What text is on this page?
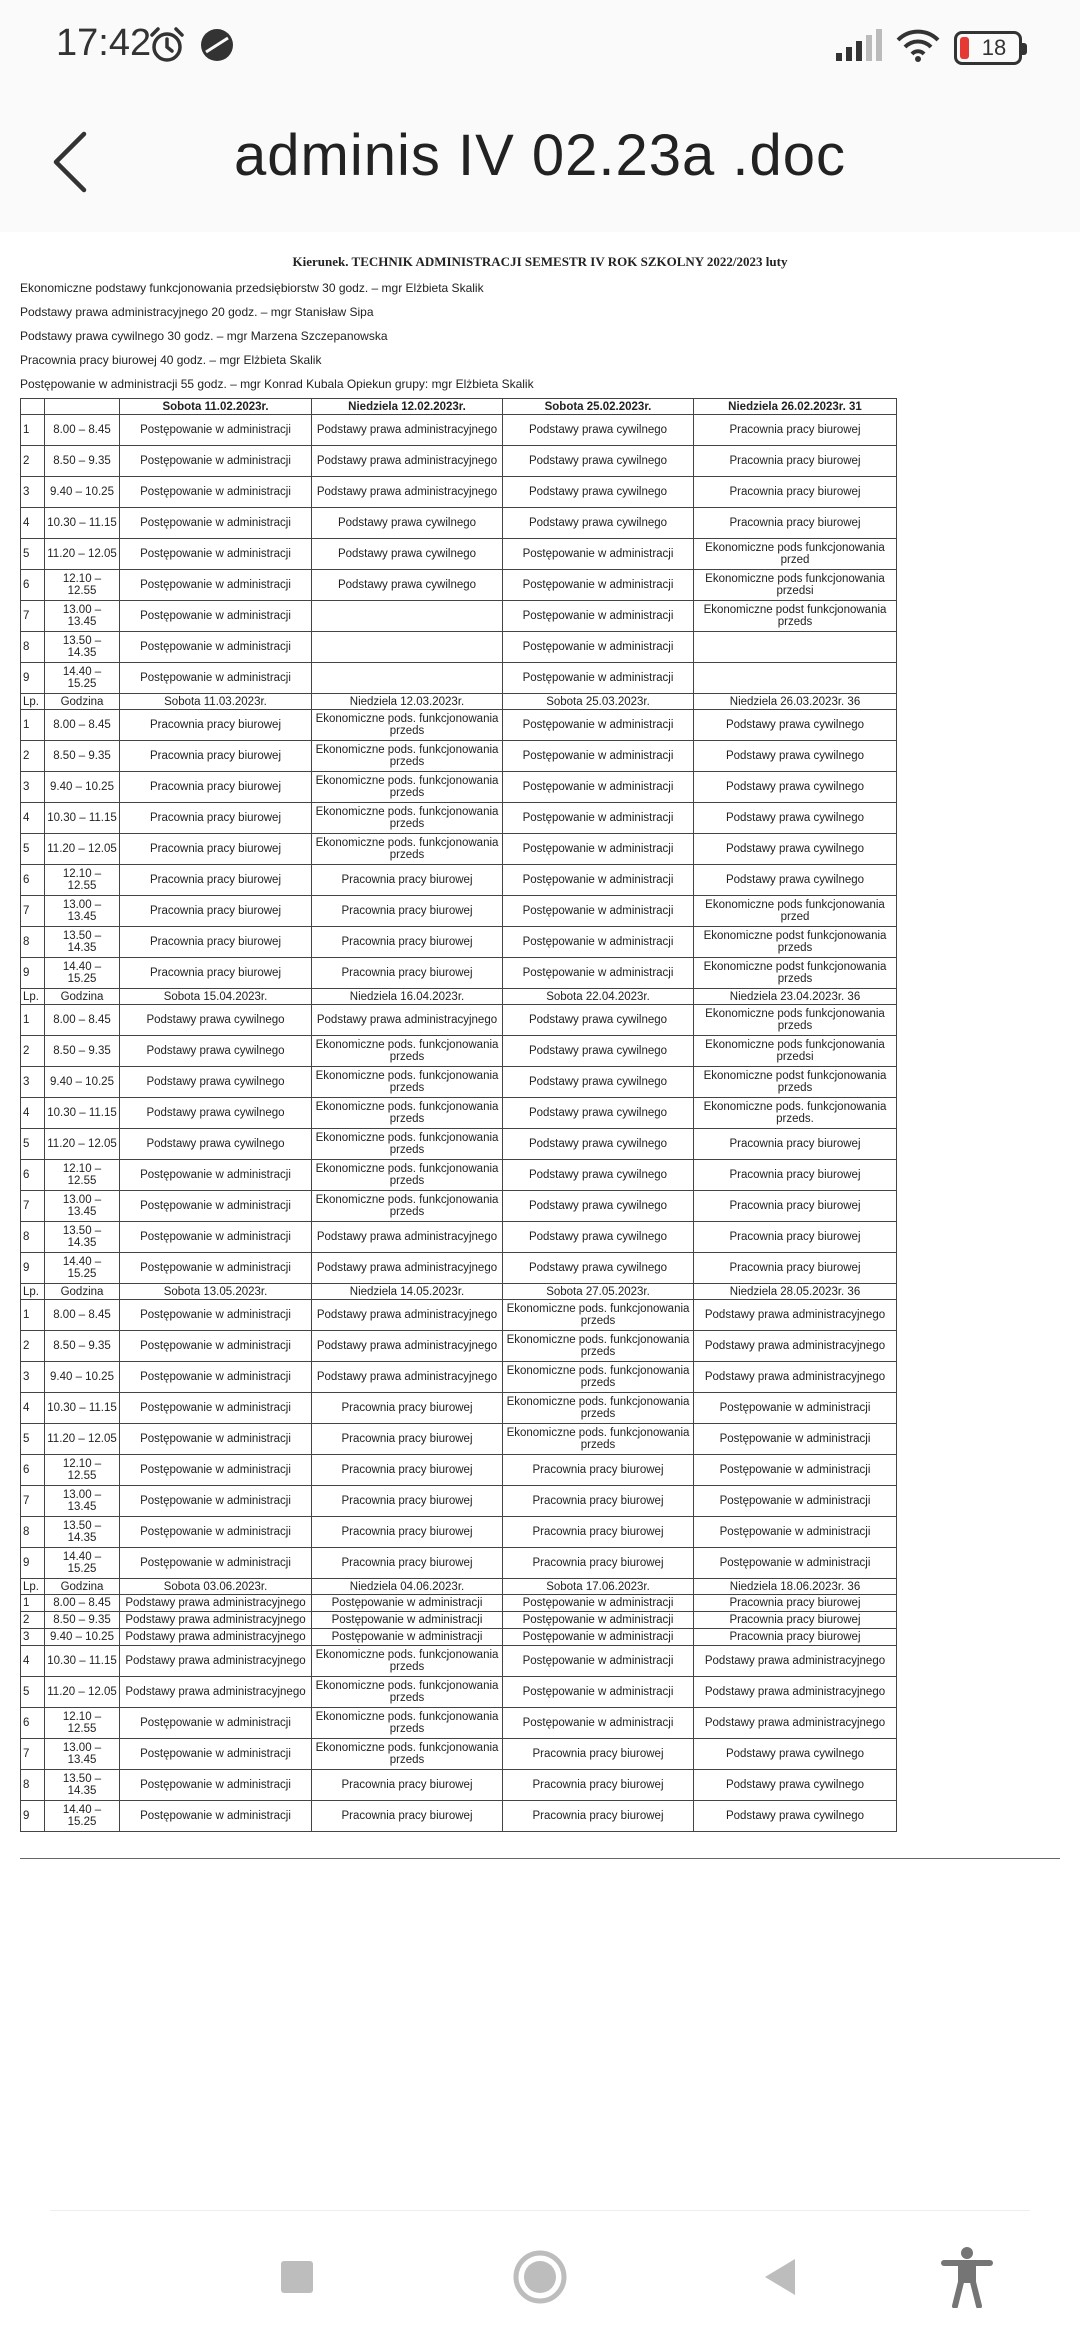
17:42	18
adminis IV 02.23a .doc
Kierunek. TECHNIK ADMINISTRACJI SEMESTR IV ROK SZKOLNY 2022/2023 luty
Ekonomiczne podstawy funkcjonowania przedsiębiorstw 30 godz. – mgr Elżbieta Skalik
Podstawy prawa administracyjnego 20 godz. – mgr Stanisław Sipa
Podstawy prawa cywilnego 30 godz. – mgr Marzena Szczepanowska
Pracownia pracy biurowej 40 godz. – mgr Elżbieta Skalik
Postępowanie w administracji 55 godz. – mgr Konrad Kubala Opiekun grupy: mgr Elżbieta Skalik
		Sobota 11.02.2023r.	Niedziela 12.02.2023r.	Sobota 25.02.2023r.	Niedziela 26.02.2023r. 31
1	8.00 – 8.45	Postępowanie w administracji	Podstawy prawa administracyjnego	Podstawy prawa cywilnego	Pracownia pracy biurowej
2	8.50 – 9.35	Postępowanie w administracji	Podstawy prawa administracyjnego	Podstawy prawa cywilnego	Pracownia pracy biurowej
3	9.40 – 10.25	Postępowanie w administracji	Podstawy prawa administracyjnego	Podstawy prawa cywilnego	Pracownia pracy biurowej
4	10.30 – 11.15	Postępowanie w administracji	Podstawy prawa cywilnego	Podstawy prawa cywilnego	Pracownia pracy biurowej
5	11.20 – 12.05	Postępowanie w administracji	Podstawy prawa cywilnego	Postępowanie w administracji	Ekonomiczne pods funkcjonowania przed
6	12.10 – 12.55	Postępowanie w administracji	Podstawy prawa cywilnego	Postępowanie w administracji	Ekonomiczne pods funkcjonowania przedsi
7	13.00 – 13.45	Postępowanie w administracji		Postępowanie w administracji	Ekonomiczne podst funkcjonowania przeds
8	13.50 – 14.35	Postępowanie w administracji		Postępowanie w administracji	
9	14.40 – 15.25	Postępowanie w administracji		Postępowanie w administracji	
Lp.	Godzina	Sobota 11.03.2023r.	Niedziela 12.03.2023r.	Sobota 25.03.2023r.	Niedziela 26.03.2023r. 36
1	8.00 – 8.45	Pracownia pracy biurowej	Ekonomiczne pods. funkcjonowania przeds	Postępowanie w administracji	Podstawy prawa cywilnego
2	8.50 – 9.35	Pracownia pracy biurowej	Ekonomiczne pods. funkcjonowania przeds	Postępowanie w administracji	Podstawy prawa cywilnego
3	9.40 – 10.25	Pracownia pracy biurowej	Ekonomiczne pods. funkcjonowania przeds	Postępowanie w administracji	Podstawy prawa cywilnego
4	10.30 – 11.15	Pracownia pracy biurowej	Ekonomiczne pods. funkcjonowania przeds	Postępowanie w administracji	Podstawy prawa cywilnego
5	11.20 – 12.05	Pracownia pracy biurowej	Ekonomiczne pods. funkcjonowania przeds	Postępowanie w administracji	Podstawy prawa cywilnego
6	12.10 – 12.55	Pracownia pracy biurowej	Pracownia pracy biurowej	Postępowanie w administracji	Podstawy prawa cywilnego
7	13.00 – 13.45	Pracownia pracy biurowej	Pracownia pracy biurowej	Postępowanie w administracji	Ekonomiczne pods funkcjonowania przed
8	13.50 – 14.35	Pracownia pracy biurowej	Pracownia pracy biurowej	Postępowanie w administracji	Ekonomiczne podst funkcjonowania przeds
9	14.40 – 15.25	Pracownia pracy biurowej	Pracownia pracy biurowej	Postępowanie w administracji	Ekonomiczne podst funkcjonowania przeds
Lp.	Godzina	Sobota 15.04.2023r.	Niedziela 16.04.2023r.	Sobota 22.04.2023r.	Niedziela 23.04.2023r. 36
1	8.00 – 8.45	Podstawy prawa cywilnego	Podstawy prawa administracyjnego	Podstawy prawa cywilnego	Ekonomiczne pods funkcjonowania przeds
2	8.50 – 9.35	Podstawy prawa cywilnego	Ekonomiczne pods. funkcjonowania przeds	Podstawy prawa cywilnego	Ekonomiczne pods funkcjonowania przedsi
3	9.40 – 10.25	Podstawy prawa cywilnego	Ekonomiczne pods. funkcjonowania przeds	Podstawy prawa cywilnego	Ekonomiczne podst funkcjonowania przeds
4	10.30 – 11.15	Podstawy prawa cywilnego	Ekonomiczne pods. funkcjonowania przeds	Podstawy prawa cywilnego	Ekonomiczne pods. funkcjonowania przeds.
5	11.20 – 12.05	Podstawy prawa cywilnego	Ekonomiczne pods. funkcjonowania przeds	Podstawy prawa cywilnego	Pracownia pracy biurowej
6	12.10 – 12.55	Postępowanie w administracji	Ekonomiczne pods. funkcjonowania przeds	Podstawy prawa cywilnego	Pracownia pracy biurowej
7	13.00 – 13.45	Postępowanie w administracji	Ekonomiczne pods. funkcjonowania przeds	Podstawy prawa cywilnego	Pracownia pracy biurowej
8	13.50 – 14.35	Postępowanie w administracji	Podstawy prawa administracyjnego	Podstawy prawa cywilnego	Pracownia pracy biurowej
9	14.40 – 15.25	Postępowanie w administracji	Podstawy prawa administracyjnego	Podstawy prawa cywilnego	Pracownia pracy biurowej
Lp.	Godzina	Sobota 13.05.2023r.	Niedziela 14.05.2023r.	Sobota 27.05.2023r.	Niedziela 28.05.2023r. 36
1	8.00 – 8.45	Postępowanie w administracji	Podstawy prawa administracyjnego	Ekonomiczne pods. funkcjonowania przeds	Podstawy prawa administracyjnego
2	8.50 – 9.35	Postępowanie w administracji	Podstawy prawa administracyjnego	Ekonomiczne pods. funkcjonowania przeds	Podstawy prawa administracyjnego
3	9.40 – 10.25	Postępowanie w administracji	Podstawy prawa administracyjnego	Ekonomiczne pods. funkcjonowania przeds	Podstawy prawa administracyjnego
4	10.30 – 11.15	Postępowanie w administracji	Pracownia pracy biurowej	Ekonomiczne pods. funkcjonowania przeds	Postępowanie w administracji
5	11.20 – 12.05	Postępowanie w administracji	Pracownia pracy biurowej	Ekonomiczne pods. funkcjonowania przeds	Postępowanie w administracji
6	12.10 – 12.55	Postępowanie w administracji	Pracownia pracy biurowej	Pracownia pracy biurowej	Postępowanie w administracji
7	13.00 – 13.45	Postępowanie w administracji	Pracownia pracy biurowej	Pracownia pracy biurowej	Postępowanie w administracji
8	13.50 – 14.35	Postępowanie w administracji	Pracownia pracy biurowej	Pracownia pracy biurowej	Postępowanie w administracji
9	14.40 – 15.25	Postępowanie w administracji	Pracownia pracy biurowej	Pracownia pracy biurowej	Postępowanie w administracji
Lp.	Godzina	Sobota 03.06.2023r.	Niedziela 04.06.2023r.	Sobota 17.06.2023r.	Niedziela 18.06.2023r. 36
1	8.00 – 8.45	Podstawy prawa administracyjnego	Postępowanie w administracji	Postępowanie w administracji	Pracownia pracy biurowej
2	8.50 – 9.35	Podstawy prawa administracyjnego	Postępowanie w administracji	Postępowanie w administracji	Pracownia pracy biurowej
3	9.40 – 10.25	Podstawy prawa administracyjnego	Postępowanie w administracji	Postępowanie w administracji	Pracownia pracy biurowej
4	10.30 – 11.15	Podstawy prawa administracyjnego	Ekonomiczne pods. funkcjonowania przeds	Postępowanie w administracji	Podstawy prawa administracyjnego
5	11.20 – 12.05	Podstawy prawa administracyjnego	Ekonomiczne pods. funkcjonowania przeds	Postępowanie w administracji	Podstawy prawa administracyjnego
6	12.10 – 12.55	Postępowanie w administracji	Ekonomiczne pods. funkcjonowania przeds	Postępowanie w administracji	Podstawy prawa administracyjnego
7	13.00 – 13.45	Postępowanie w administracji	Ekonomiczne pods. funkcjonowania przeds	Pracownia pracy biurowej	Podstawy prawa cywilnego
8	13.50 – 14.35	Postępowanie w administracji	Pracownia pracy biurowej	Pracownia pracy biurowej	Podstawy prawa cywilnego
9	14.40 – 15.25	Postępowanie w administracji	Pracownia pracy biurowej	Pracownia pracy biurowej	Podstawy prawa cywilnego
